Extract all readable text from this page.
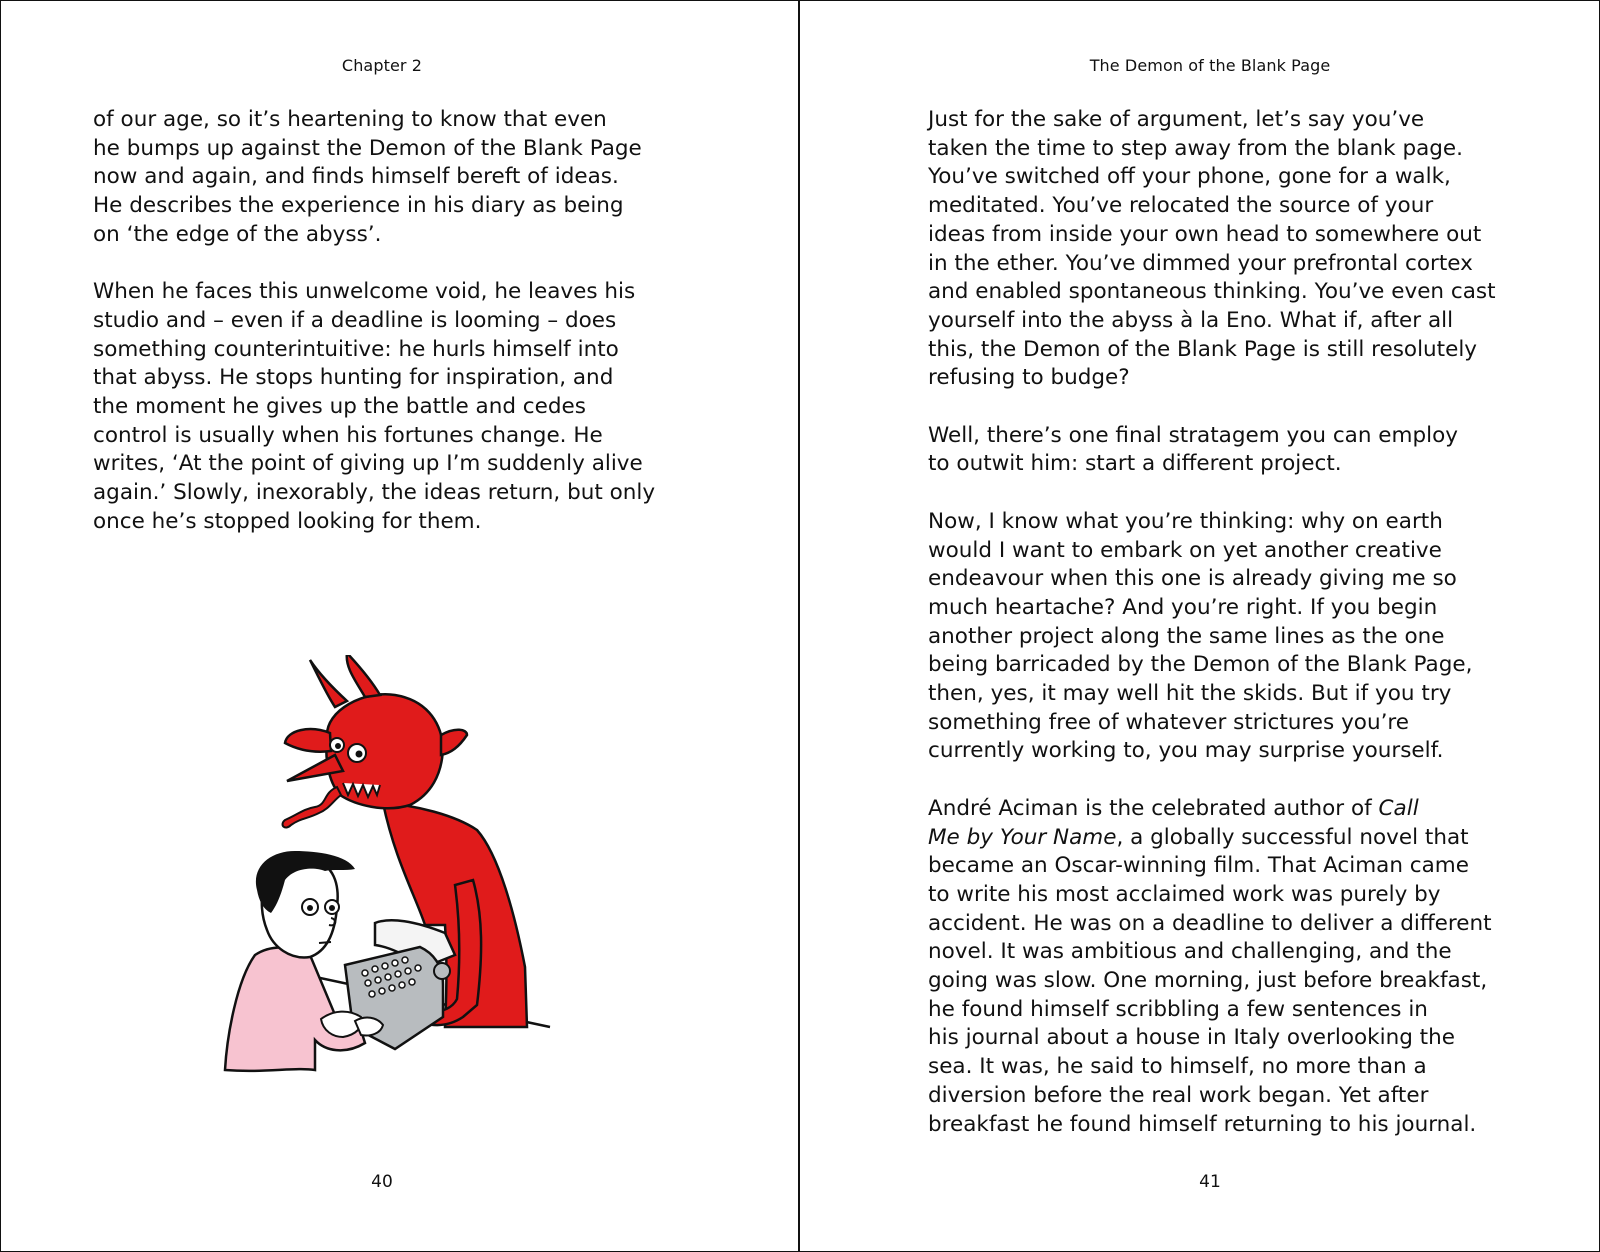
Chapter 2

of our age, so it’s heartening to know that even
he bumps up against the Demon of the Blank Page
now and again, and finds himself bereft of ideas.
He describes the experience in his diary as being
on ‘the edge of the abyss’.

When he faces this unwelcome void, he leaves his
studio and – even if a deadline is looming – does
something counterintuitive: he hurls himself into
that abyss. He stops hunting for inspiration, and
the moment he gives up the battle and cedes
control is usually when his fortunes change. He
writes, ‘At the point of giving up I’m suddenly alive
again.’ Slowly, inexorably, the ideas return, but only
once he’s stopped looking for them.

40
The Demon of the Blank Page

Just for the sake of argument, let’s say you’ve
taken the time to step away from the blank page.
You’ve switched off your phone, gone for a walk,
meditated. You’ve relocated the source of your
ideas from inside your own head to somewhere out
in the ether. You’ve dimmed your prefrontal cortex
and enabled spontaneous thinking. You’ve even cast
yourself into the abyss à la Eno. What if, after all
this, the Demon of the Blank Page is still resolutely
refusing to budge?

Well, there’s one final stratagem you can employ
to outwit him: start a different project.

Now, I know what you’re thinking: why on earth
would I want to embark on yet another creative
endeavour when this one is already giving me so
much heartache? And you’re right. If you begin
another project along the same lines as the one
being barricaded by the Demon of the Blank Page,
then, yes, it may well hit the skids. But if you try
something free of whatever strictures you’re
currently working to, you may surprise yourself.

André Aciman is the celebrated author of Call
Me by Your Name, a globally successful novel that
became an Oscar-winning film. That Aciman came
to write his most acclaimed work was purely by
accident. He was on a deadline to deliver a different
novel. It was ambitious and challenging, and the
going was slow. One morning, just before breakfast,
he found himself scribbling a few sentences in
his journal about a house in Italy overlooking the
sea. It was, he said to himself, no more than a
diversion before the real work began. Yet after
breakfast he found himself returning to his journal.

41
